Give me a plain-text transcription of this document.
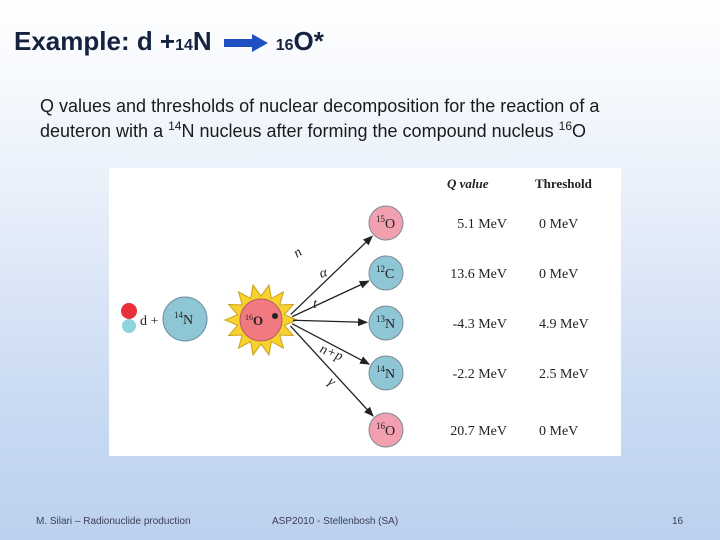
Example: d + 14 N	16 O*
Q values and thresholds of nuclear decomposition for the reaction of a
deuteron with a $^{14}$N nucleus after forming the compound nucleus $^{16}$O
Q value	Threshold
d + $^{14}$N	$^{16}$O
n
$^{15}$O	5.1 MeV 0 MeV
α	$^{12}$C	13.6 MeV 0 MeV
t
$^{13}$N	-4.3 MeV 4.9 MeV
n+p
$^{14}$N	-2.2 MeV 2.5 MeV
γ
$^{16}$O	20.7 MeV 0 MeV
M. Silari – Radionuclide production	ASP2010 - Stellenbosh (SA)	16
